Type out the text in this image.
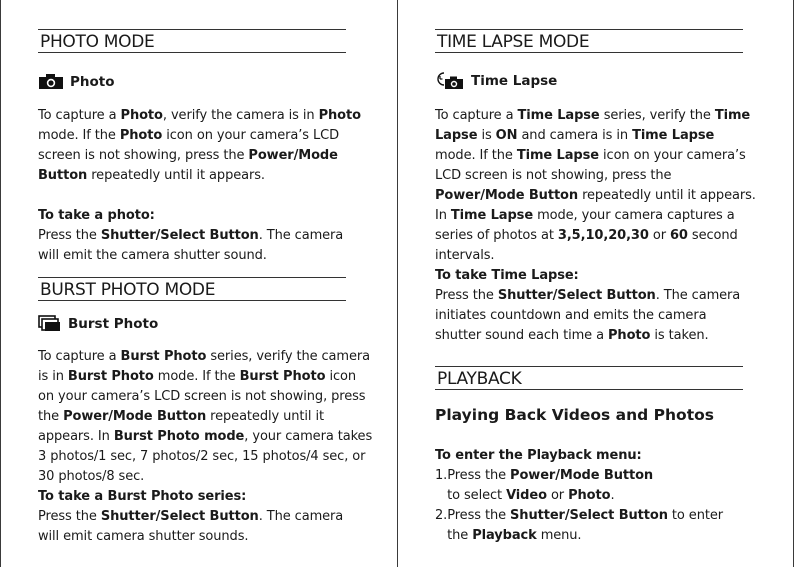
PHOTO MODE
Photo

To capture a Photo, verify the camera is in Photo mode. If the Photo icon on your camera’s LCD screen is not showing, press the Power/Mode Button repeatedly until it appears.

To take a photo:
Press the Shutter/Select Button. The camera will emit the camera shutter sound.
BURST PHOTO MODE
Burst Photo

To capture a Burst Photo series, verify the camera is in Burst Photo mode. If the Burst Photo icon on your camera’s LCD screen is not showing, press the Power/Mode Button repeatedly until it appears. In Burst Photo mode, your camera takes 3 photos/1 sec, 7 photos/2 sec, 15 photos/4 sec, or 30 photos/8 sec.

To take a Burst Photo series:
Press the Shutter/Select Button. The camera will emit camera shutter sounds.
TIME LAPSE MODE
Time Lapse

To capture a Time Lapse series, verify the Time Lapse is ON and camera is in Time Lapse mode. If the Time Lapse icon on your camera’s LCD screen is not showing, press the Power/Mode Button repeatedly until it appears. In Time Lapse mode, your camera captures a series of photos at 3,5,10,20,30 or 60 second intervals.

To take Time Lapse:
Press the Shutter/Select Button. The camera initiates countdown and emits the camera shutter sound each time a Photo is taken.
PLAYBACK
Playing Back Videos and Photos
To enter the Playback menu:
1.Press the Power/Mode Button
to select Video or Photo.
2.Press the Shutter/Select Button to enter
the Playback menu.
